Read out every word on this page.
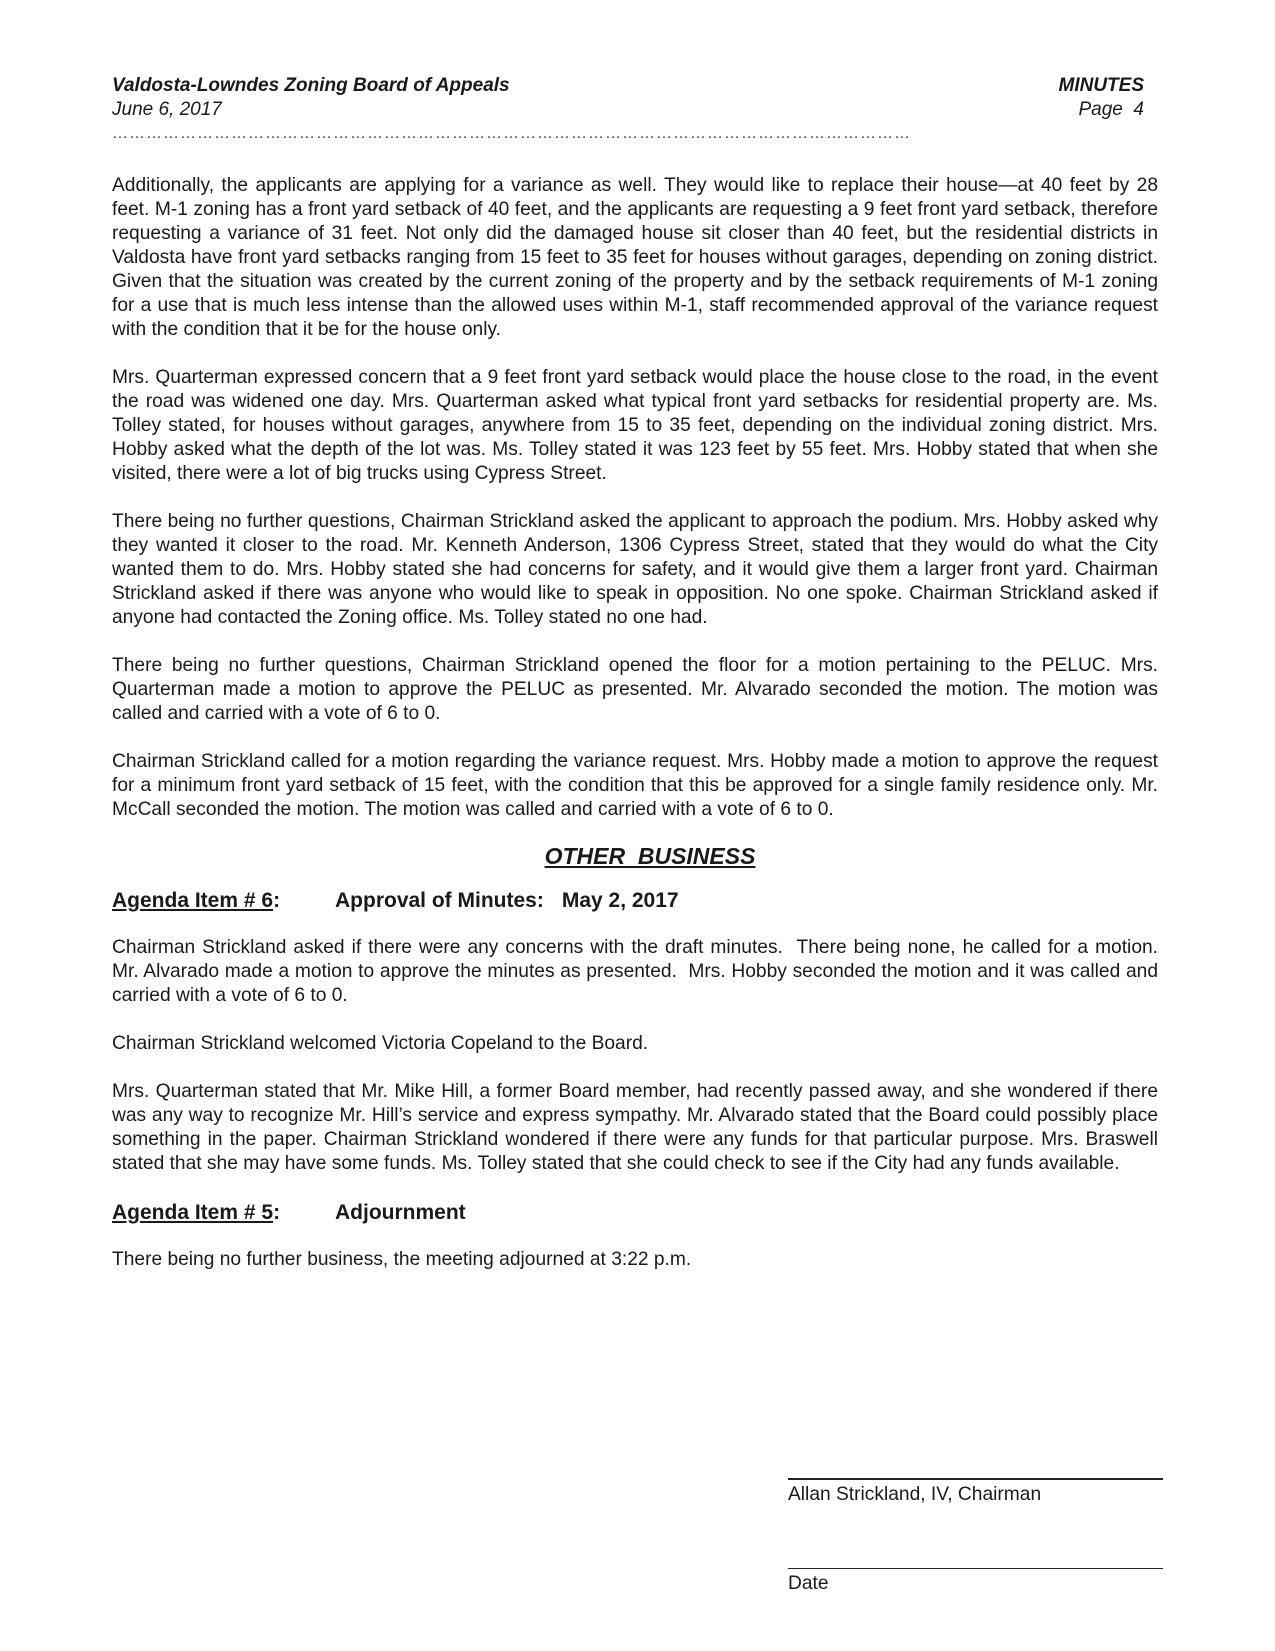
Valdosta-Lowndes Zoning Board of Appeals	MINUTES
June 6, 2017	Page  4
……………………………………………………………………………………………………………………………

Additionally, the applicants are applying for a variance as well. They would like to replace their house—at 40 feet by 28 feet. M-1 zoning has a front yard setback of 40 feet, and the applicants are requesting a 9 feet front yard setback, therefore requesting a variance of 31 feet. Not only did the damaged house sit closer than 40 feet, but the residential districts in Valdosta have front yard setbacks ranging from 15 feet to 35 feet for houses without garages, depending on zoning district. Given that the situation was created by the current zoning of the property and by the setback requirements of M-1 zoning for a use that is much less intense than the allowed uses within M-1, staff recommended approval of the variance request with the condition that it be for the house only.

Mrs. Quarterman expressed concern that a 9 feet front yard setback would place the house close to the road, in the event the road was widened one day. Mrs. Quarterman asked what typical front yard setbacks for residential property are. Ms. Tolley stated, for houses without garages, anywhere from 15 to 35 feet, depending on the individual zoning district. Mrs. Hobby asked what the depth of the lot was. Ms. Tolley stated it was 123 feet by 55 feet. Mrs. Hobby stated that when she visited, there were a lot of big trucks using Cypress Street.

There being no further questions, Chairman Strickland asked the applicant to approach the podium. Mrs. Hobby asked why they wanted it closer to the road. Mr. Kenneth Anderson, 1306 Cypress Street, stated that they would do what the City wanted them to do. Mrs. Hobby stated she had concerns for safety, and it would give them a larger front yard. Chairman Strickland asked if there was anyone who would like to speak in opposition. No one spoke. Chairman Strickland asked if anyone had contacted the Zoning office. Ms. Tolley stated no one had.

There being no further questions, Chairman Strickland opened the floor for a motion pertaining to the PELUC. Mrs. Quarterman made a motion to approve the PELUC as presented. Mr. Alvarado seconded the motion. The motion was called and carried with a vote of 6 to 0.

Chairman Strickland called for a motion regarding the variance request. Mrs. Hobby made a motion to approve the request for a minimum front yard setback of 15 feet, with the condition that this be approved for a single family residence only. Mr. McCall seconded the motion. The motion was called and carried with a vote of 6 to 0.

OTHER  BUSINESS
Agenda Item # 6:	Approval of Minutes: May 2, 2017

Chairman Strickland asked if there were any concerns with the draft minutes.  There being none, he called for a motion.   Mr. Alvarado made a motion to approve the minutes as presented.  Mrs. Hobby seconded the motion and it was called and carried with a vote of 6 to 0.

Chairman Strickland welcomed Victoria Copeland to the Board.

Mrs. Quarterman stated that Mr. Mike Hill, a former Board member, had recently passed away, and she wondered if there was any way to recognize Mr. Hill’s service and express sympathy. Mr. Alvarado stated that the Board could possibly place something in the paper. Chairman Strickland wondered if there were any funds for that particular purpose. Mrs. Braswell stated that she may have some funds. Ms. Tolley stated that she could check to see if the City had any funds available.

Agenda Item # 5:	Adjournment

There being no further business, the meeting adjourned at 3:22 p.m.

Allan Strickland, IV, Chairman
Date
